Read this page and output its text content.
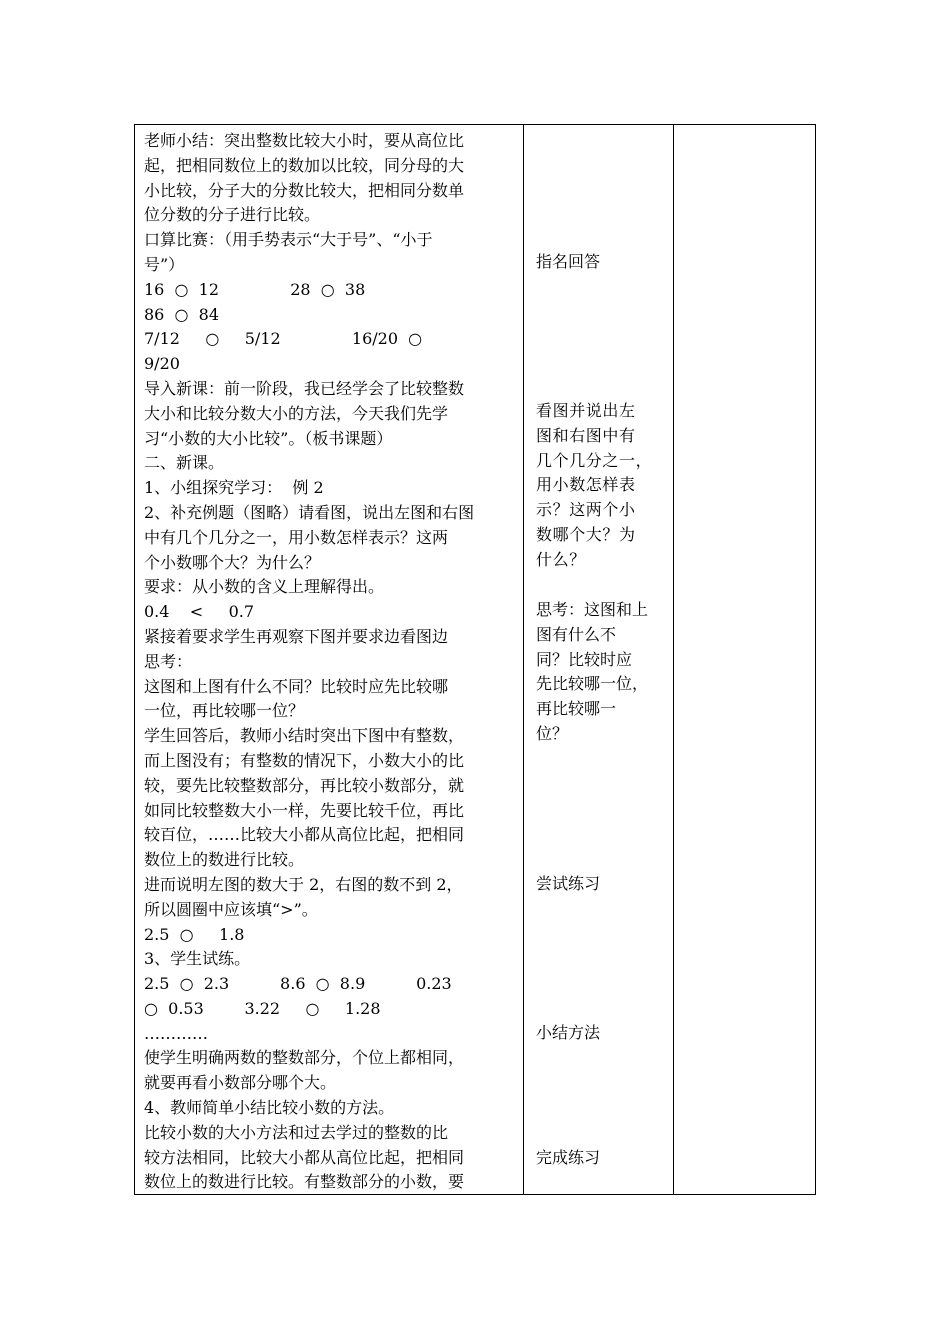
老师小结：突出整数比较大小时，要从高位比
起，把相同数位上的数加以比较，同分母的大
小比较，分子大的分数比较大，把相同分数单
位分数的分子进行比较。
口算比赛：（用手势表示“大于号”、“小于
号”）
16  ○  12              28  ○  38
86  ○  84
7/12     ○     5/12              16/20  ○
9/20
导入新课：前一阶段，我已经学会了比较整数
大小和比较分数大小的方法，今天我们先学
习“小数的大小比较”。（板书课题）
二、新课。
1、小组探究学习：  例 2
2、补充例题（图略）请看图，说出左图和右图
中有几个几分之一，用小数怎样表示？这两
个小数哪个大？为什么？
要求：从小数的含义上理解得出。
0.4    <     0.7
紧接着要求学生再观察下图并要求边看图边
思考：
这图和上图有什么不同？比较时应先比较哪
一位，再比较哪一位？
学生回答后，教师小结时突出下图中有整数，
而上图没有；有整数的情况下，小数大小的比
较，要先比较整数部分，再比较小数部分，就
如同比较整数大小一样，先要比较千位，再比
较百位，……比较大小都从高位比起，把相同
数位上的数进行比较。
进而说明左图的数大于 2，右图的数不到 2，
所以圆圈中应该填“>”。
2.5  ○     1.8
3、学生试练。
2.5  ○  2.3          8.6  ○  8.9          0.23
○  0.53        3.22     ○     1.28
…………
使学生明确两数的整数部分，个位上都相同，
就要再看小数部分哪个大。
4、教师简单小结比较小数的方法。
比较小数的大小方法和过去学过的整数的比
较方法相同，比较大小都从高位比起，把相同
数位上的数进行比较。有整数部分的小数，要
指名回答
看图并说出左
图和右图中有
几个几分之一，
用小数怎样表
示？这两个小
数哪个大？为
什么？
思考：这图和上
图有什么不
同？比较时应
先比较哪一位，
再比较哪一
位？
尝试练习
小结方法
完成练习
